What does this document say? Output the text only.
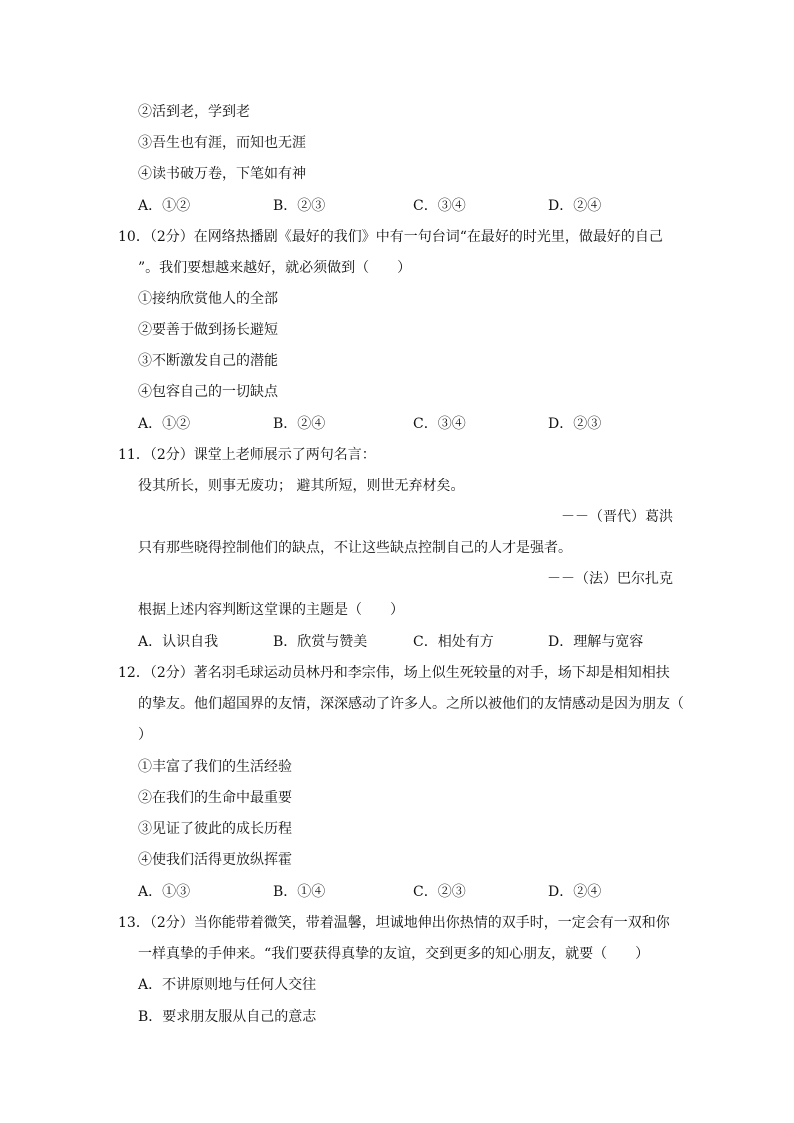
②活到老，学到老
③吾生也有涯，而知也无涯
④读书破万卷，下笔如有神
A．①②	B．②③	C．③④	D．②④
10．（2分）在网络热播剧《最好的我们》中有一句台词“在最好的时光里，做最好的自己
”。我们要想越来越好，就必须做到（　　）
①接纳欣赏他人的全部
②要善于做到扬长避短
③不断激发自己的潜能
④包容自己的一切缺点
A．①②	B．②④	C．③④	D．②③
11．（2分）课堂上老师展示了两句名言：
役其所长，则事无废功； 避其所短，则世无弃材矣。
－－（晋代）葛洪
只有那些晓得控制他们的缺点，不让这些缺点控制自己的人才是强者。
－－（法）巴尔扎克
根据上述内容判断这堂课的主题是（　　）
A．认识自我	B．欣赏与赞美	C．相处有方	D．理解与宽容
12．（2分）著名羽毛球运动员林丹和李宗伟，场上似生死较量的对手，场下却是相知相扶
的挚友。他们超国界的友情，深深感动了许多人。之所以被他们的友情感动是因为朋友（
）
①丰富了我们的生活经验
②在我们的生命中最重要
③见证了彼此的成长历程
④使我们活得更放纵挥霍
A．①③	B．①④	C．②③	D．②④
13．（2分）当你能带着微笑，带着温馨，坦诚地伸出你热情的双手时，一定会有一双和你
一样真挚的手伸来。“我们要获得真挚的友谊，交到更多的知心朋友，就要（　　）
A．不讲原则地与任何人交往
B．要求朋友服从自己的意志
